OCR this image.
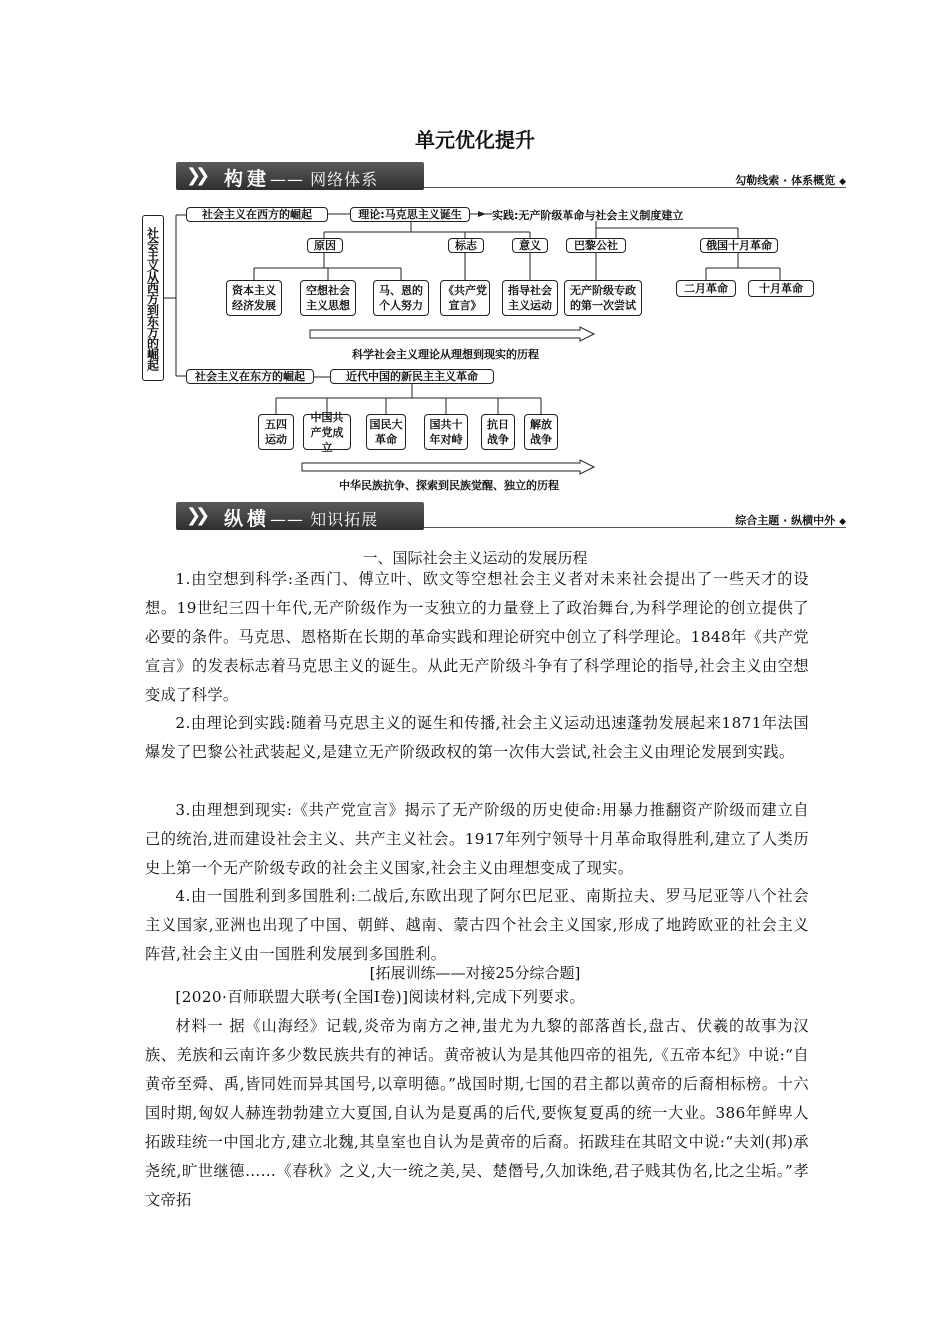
单元优化提升
❯❯ 构建—— 网络体系	勾勒线索 · 体系概览 ◆
社会主义从西方到东方的崛起
社会主义在西方的崛起	理论:马克思主义诞生	实践:无产阶级革命与社会主义制度建立
原因	标志	意义	巴黎公社	俄国十月革命
资本主义经济发展
空想社会主义思想
马、恩的个人努力
《共产党宣言》
指导社会主义运动
无产阶级专政的第一次尝试
二月革命	十月革命
科学社会主义理论从理想到现实的历程
社会主义在东方的崛起	近代中国的新民主主义革命
五四运动
中国共产党成立
国民大革命
国共十年对峙
抗日战争
解放战争
中华民族抗争、探索到民族觉醒、独立的历程
❯❯ 纵横—— 知识拓展	综合主题 · 纵横中外 ◆
一、国际社会主义运动的发展历程

1.由空想到科学:圣西门、傅立叶、欧文等空想社会主义者对未来社会提出了一些天才的设想。19世纪三四十年代,无产阶级作为一支独立的力量登上了政治舞台,为科学理论的创立提供了必要的条件。马克思、恩格斯在长期的革命实践和理论研究中创立了科学理论。1848年《共产党宣言》的发表标志着马克思主义的诞生。从此无产阶级斗争有了科学理论的指导,社会主义由空想变成了科学。

2.由理论到实践:随着马克思主义的诞生和传播,社会主义运动迅速蓬勃发展起来1871年法国爆发了巴黎公社武装起义,是建立无产阶级政权的第一次伟大尝试,社会主义由理论发展到实践。

3.由理想到现实:《共产党宣言》揭示了无产阶级的历史使命:用暴力推翻资产阶级而建立自己的统治,进而建设社会主义、共产主义社会。1917年列宁领导十月革命取得胜利,建立了人类历史上第一个无产阶级专政的社会主义国家,社会主义由理想变成了现实。

4.由一国胜利到多国胜利:二战后,东欧出现了阿尔巴尼亚、南斯拉夫、罗马尼亚等八个社会主义国家,亚洲也出现了中国、朝鲜、越南、蒙古四个社会主义国家,形成了地跨欧亚的社会主义阵营,社会主义由一国胜利发展到多国胜利。

[拓展训练——对接25分综合题]

[2020·百师联盟大联考(全国Ⅰ卷)]阅读材料,完成下列要求。

材料一 据《山海经》记载,炎帝为南方之神,蚩尤为九黎的部落酋长,盘古、伏羲的故事为汉族、羌族和云南许多少数民族共有的神话。黄帝被认为是其他四帝的祖先,《五帝本纪》中说:“自黄帝至舜、禹,皆同姓而异其国号,以章明德。”战国时期,七国的君主都以黄帝的后裔相标榜。十六国时期,匈奴人赫连勃勃建立大夏国,自认为是夏禹的后代,要恢复夏禹的统一大业。386年鲜卑人拓跋珪统一中国北方,建立北魏,其皇室也自认为是黄帝的后裔。拓跋珪在其昭文中说:“夫刘(邦)承尧统,旷世继德……《春秋》之义,大一统之美,吴、楚僭号,久加诛绝,君子贱其伪名,比之尘垢。”孝文帝拓
